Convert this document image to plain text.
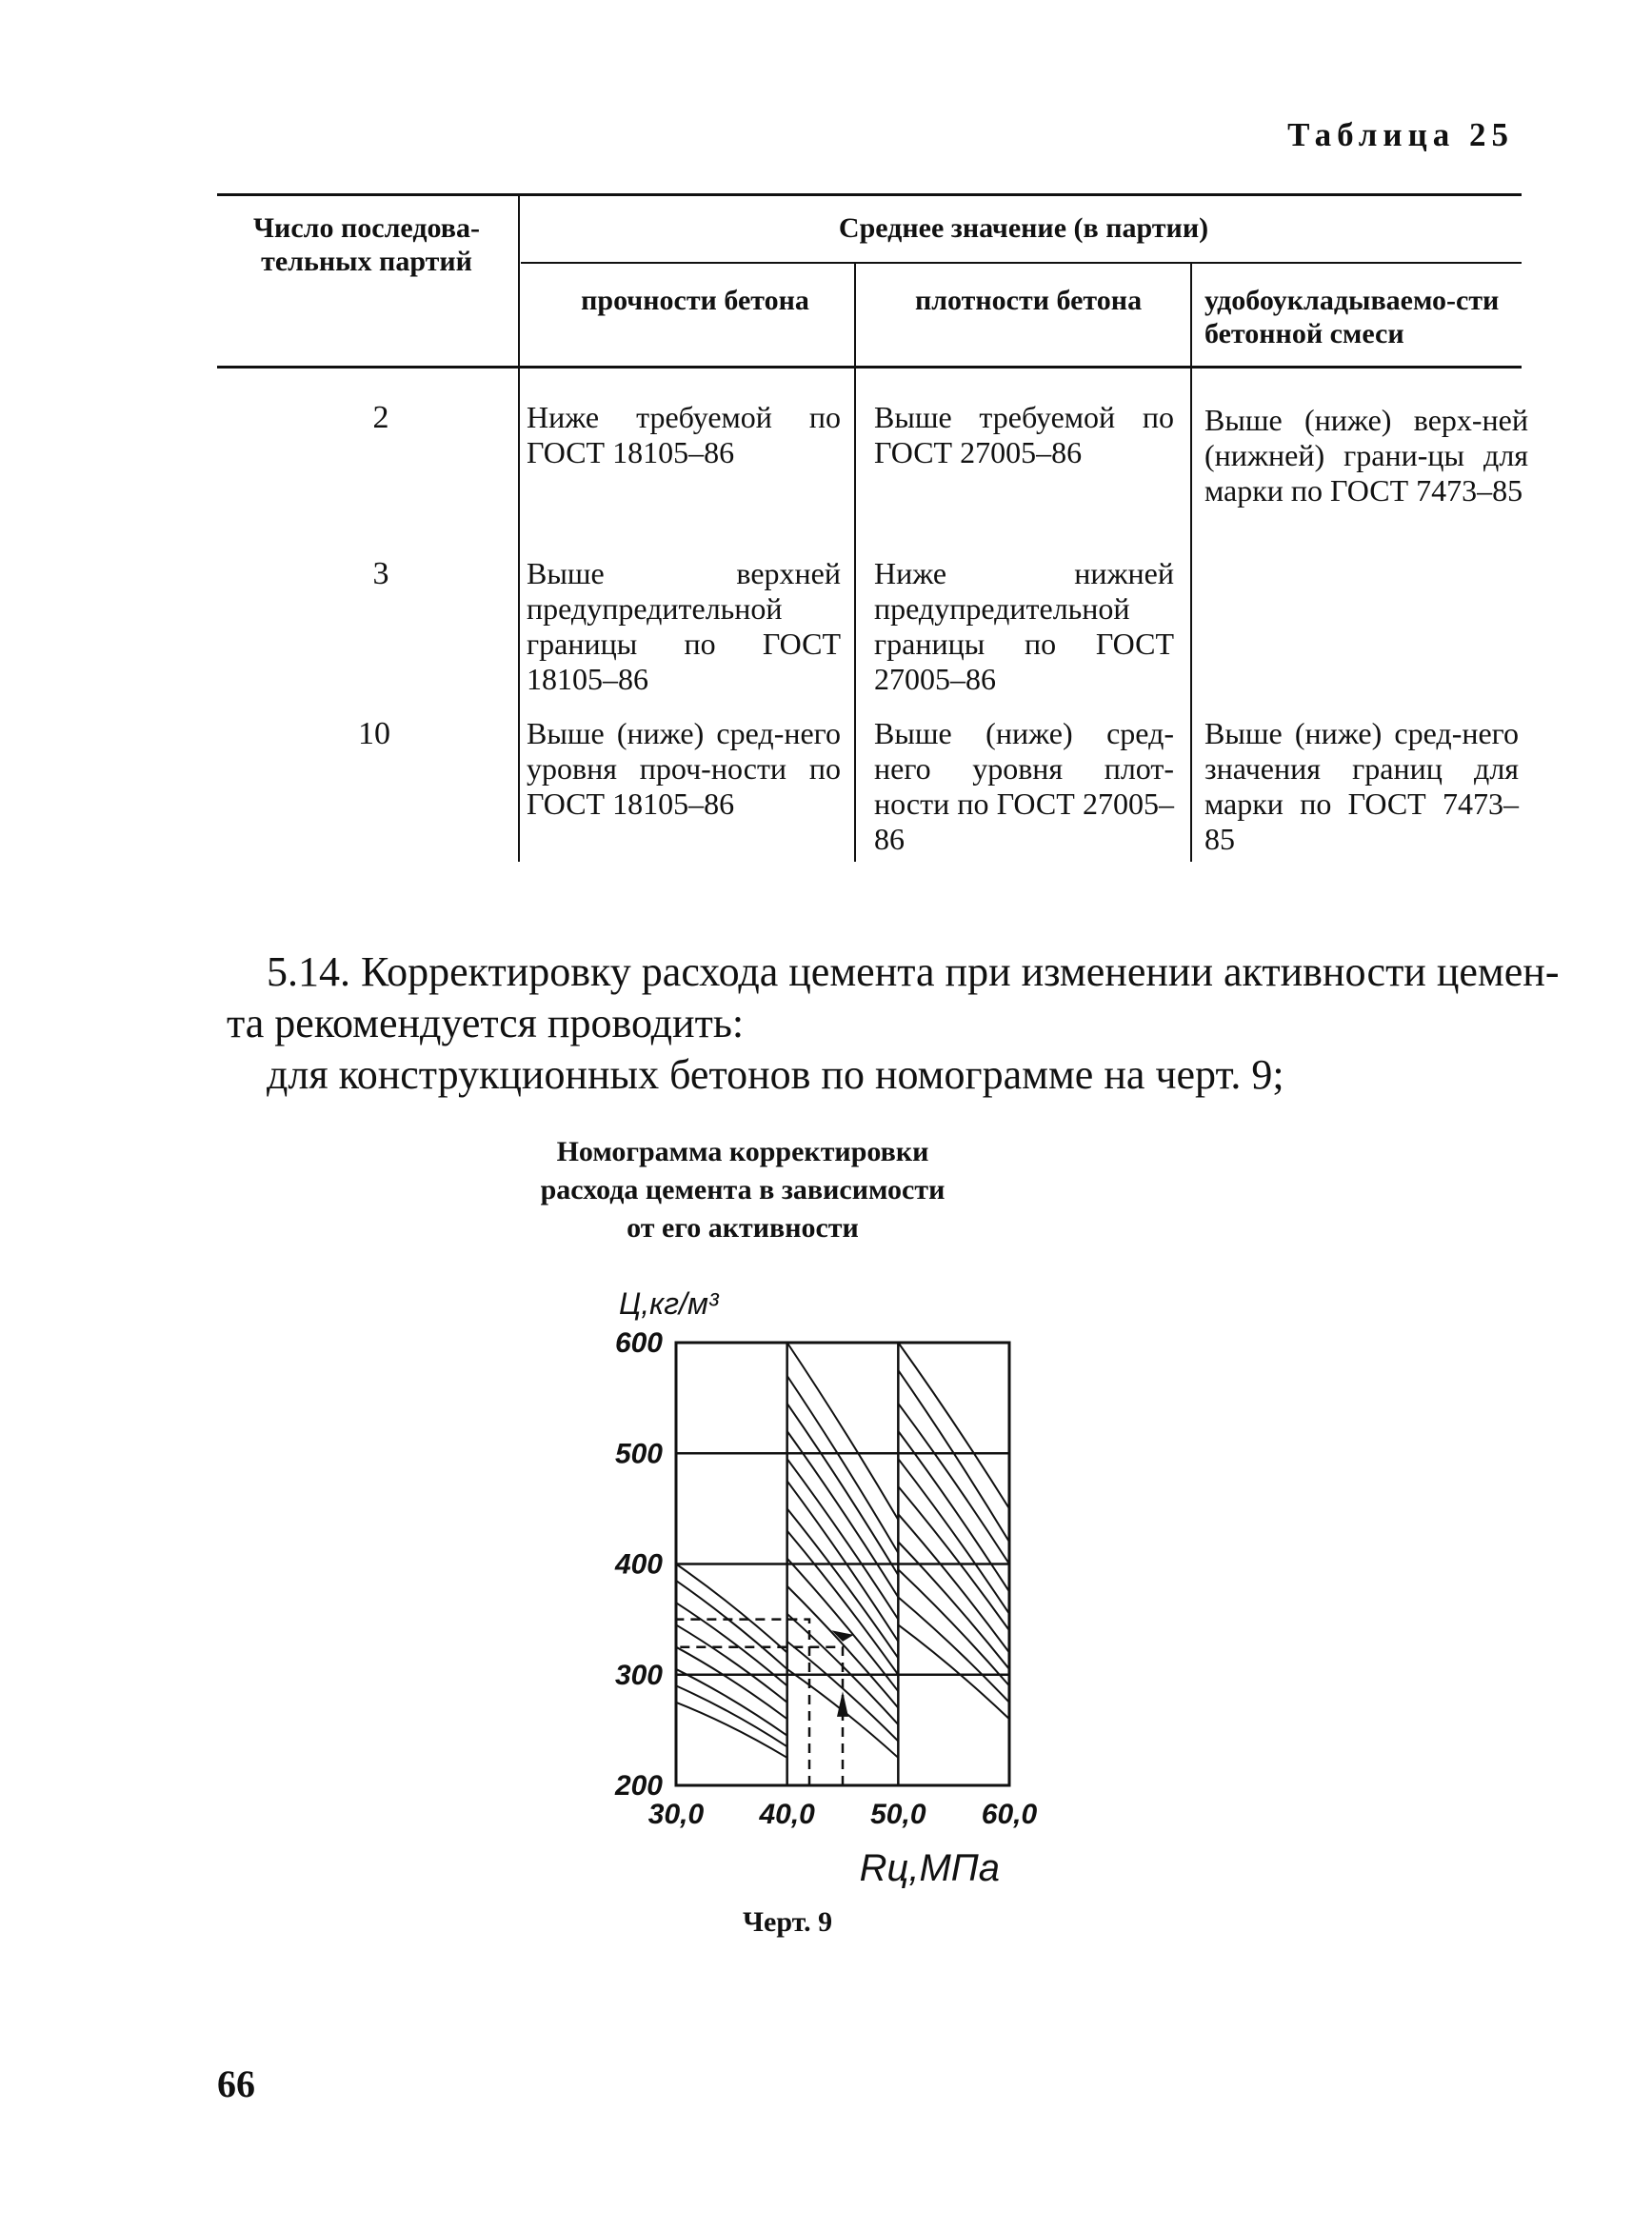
Таблица 25
Число последова-тельных партий
Среднее значение (в партии)
прочности бетона	плотности бетона удобоукладываемо-сти бетонной смеси
2
3
10
Ниже требуемой по ГОСТ 18105–86
Выше требуемой по ГОСТ 27005–86
Выше (ниже) верх-ней (нижней) грани-цы для марки по ГОСТ 7473–85
Выше верхней предупредительной границы по ГОСТ 18105–86
Ниже нижней предупредительной границы по ГОСТ 27005–86
Выше (ниже) сред-него уровня проч-ности по ГОСТ 18105–86
Выше (ниже) сред-него уровня плот-ности по ГОСТ 27005–86
Выше (ниже) сред-него значения границ для марки по ГОСТ 7473–85
5.14. Корректировку расхода цемента при изменении активности цемен-
та рекомендуется проводить:
для конструкционных бетонов по номограмме на черт. 9;
Номограмма корректировки
расхода цемента в зависимости
от его активности
600
500
400
300
200
30,0 40,0 50,0 60,0
Ц,кг/м³
Rц,МПа
Черт. 9
66
